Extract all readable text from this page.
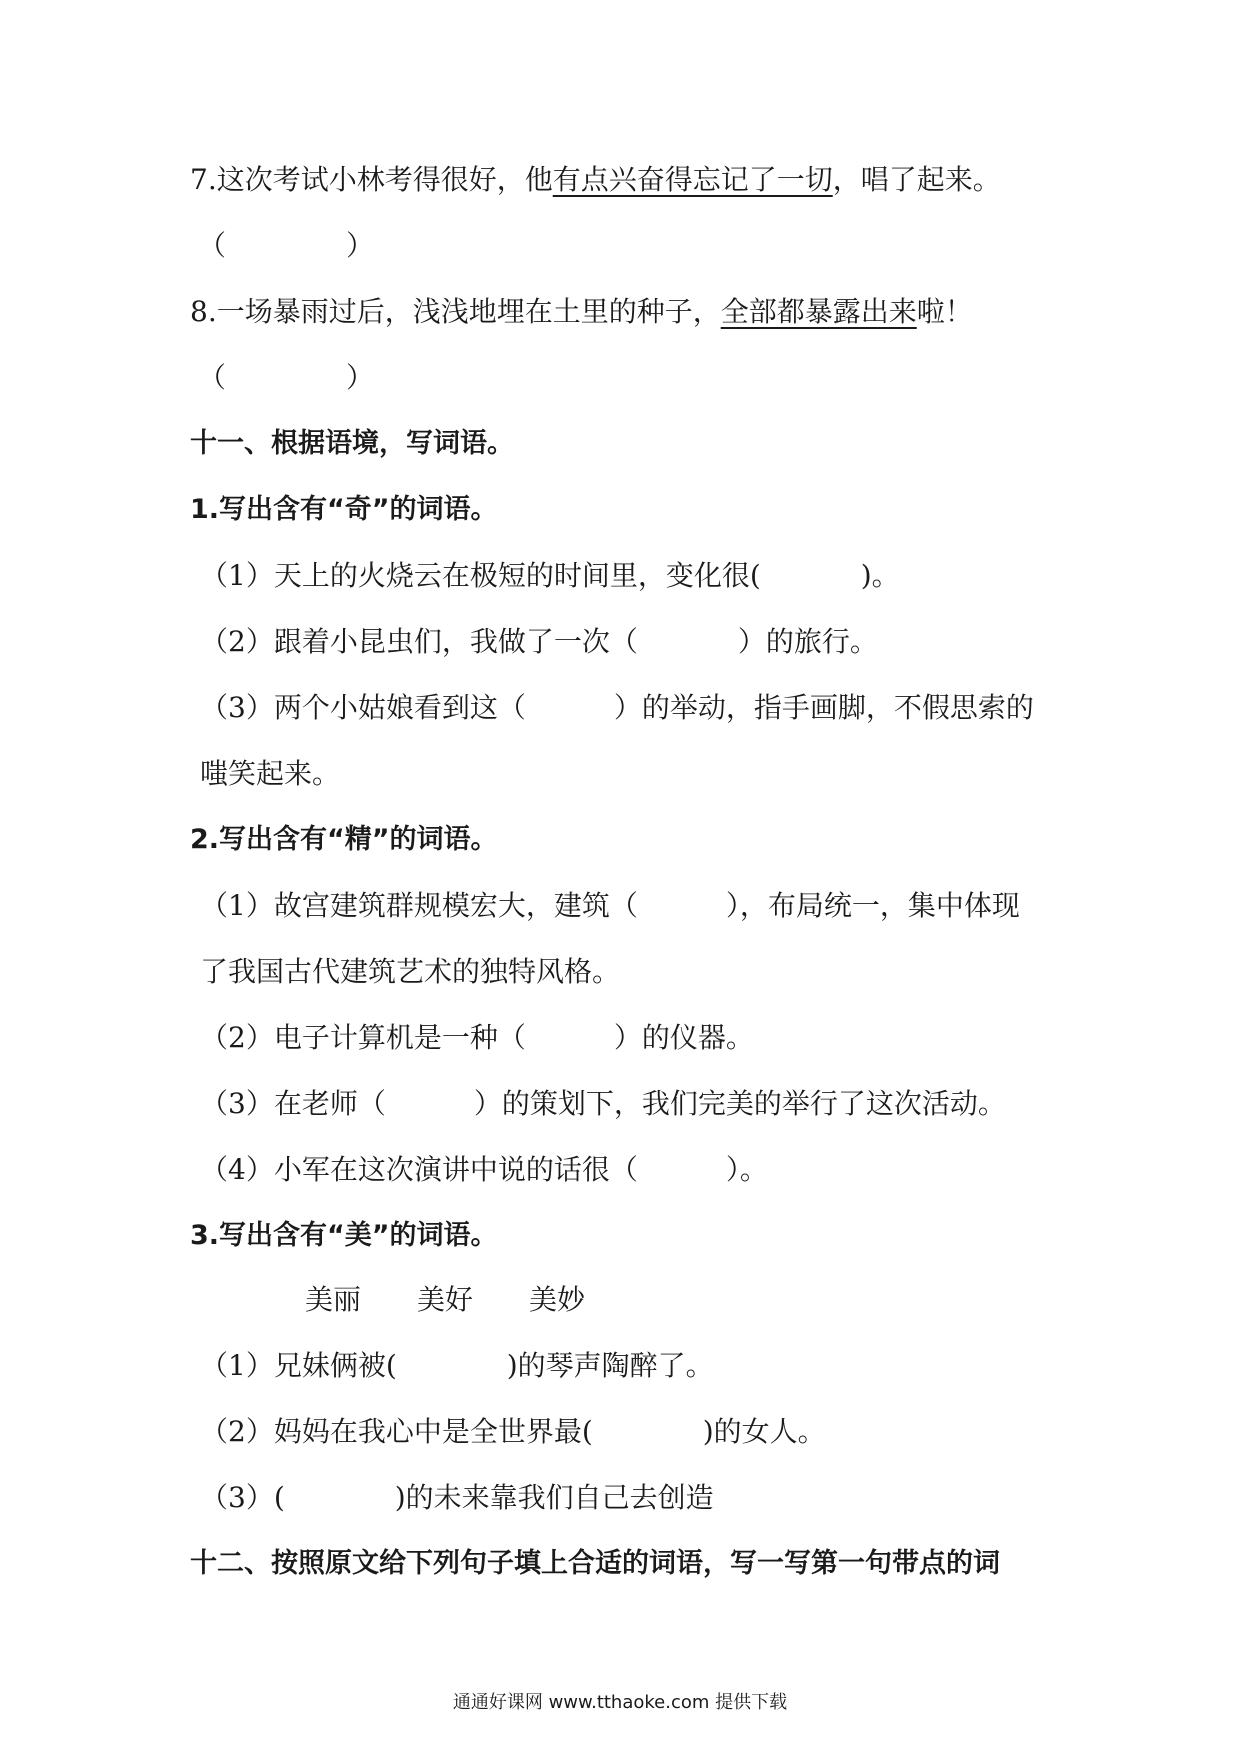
7.这次考试小林考得很好，他有点兴奋得忘记了一切，唱了起来。
（	）
8.一场暴雨过后，浅浅地埋在土里的种子，全部都暴露出来啦！
（	）
十一、根据语境，写词语。
1.写出含有“奇”的词语。
（1）天上的火烧云在极短的时间里，变化很(	)。
（2）跟着小昆虫们，我做了一次（	）的旅行。
（3）两个小姑娘看到这（	）的举动，指手画脚，不假思索的
嗤笑起来。
2.写出含有“精”的词语。
（1）故宫建筑群规模宏大，建筑（	），布局统一，集中体现
了我国古代建筑艺术的独特风格。
（2）电子计算机是一种（	）的仪器。
（3）在老师（	）的策划下，我们完美的举行了这次活动。
（4）小军在这次演讲中说的话很（	）。
3.写出含有“美”的词语。
美丽 美好 美妙
（1）兄妹俩被(	)的琴声陶醉了。
（2）妈妈在我心中是全世界最(	)的女人。
（3）(	)的未来靠我们自己去创造
十二、按照原文给下列句子填上合适的词语，写一写第一句带点的词
通通好课网 www.tthaoke.com 提供下载
